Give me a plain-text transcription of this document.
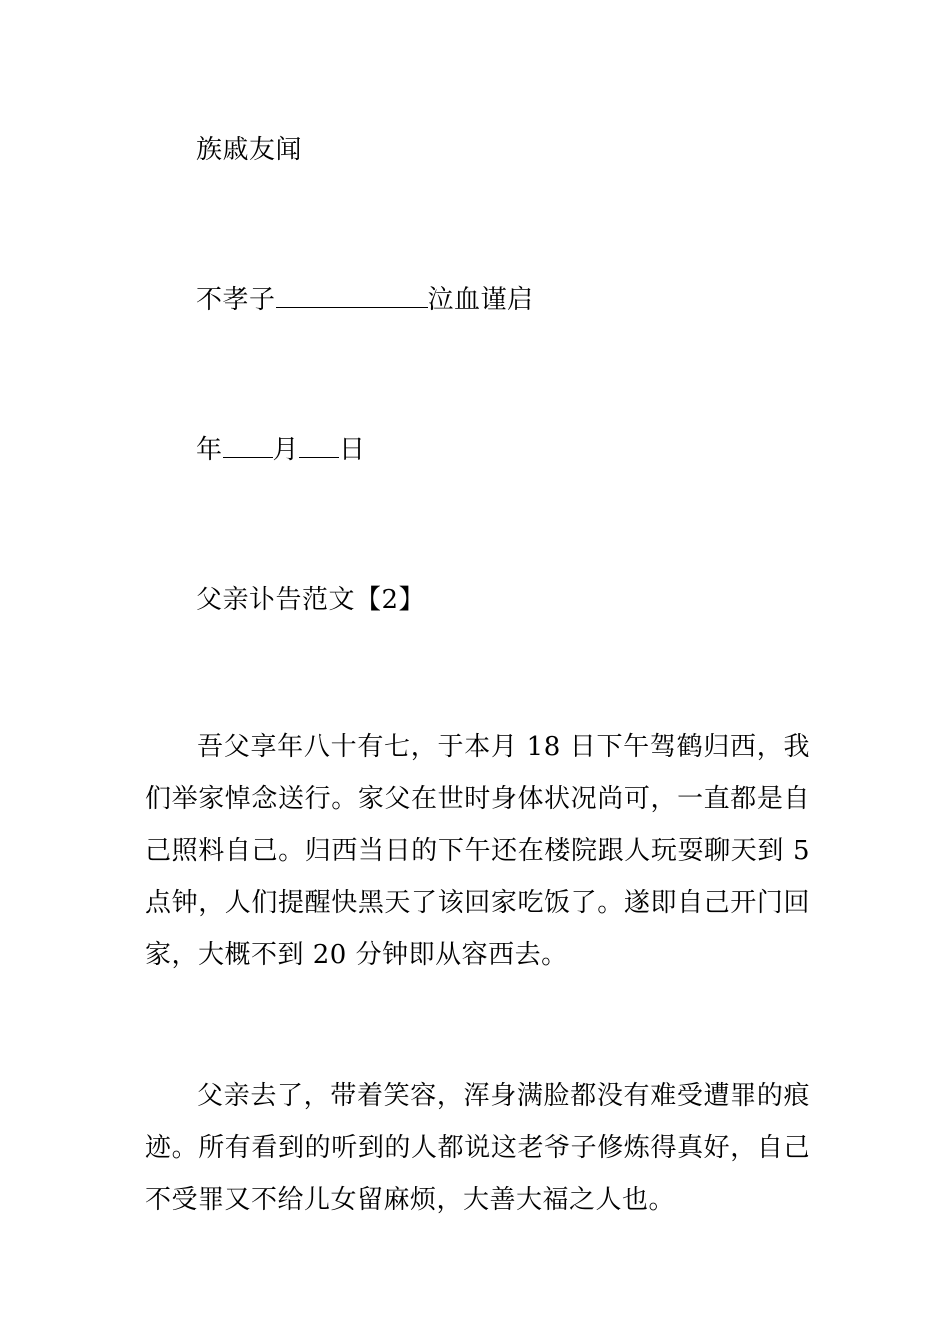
族戚友闻
不孝子	泣血谨启
年 月 日
父亲讣告范文【2】
吾父享年八十有七，于本月 18 日下午驾鹤归西，我们举家悼念送行。家父在世时身体状况尚可，一直都是自己照料自己。归西当日的下午还在楼院跟人玩耍聊天到 5 点钟，人们提醒快黑天了该回家吃饭了。遂即自己开门回家，大概不到 20 分钟即从容西去。
父亲去了，带着笑容，浑身满脸都没有难受遭罪的痕迹。所有看到的听到的人都说这老爷子修炼得真好，自己不受罪又不给儿女留麻烦，大善大福之人也。
